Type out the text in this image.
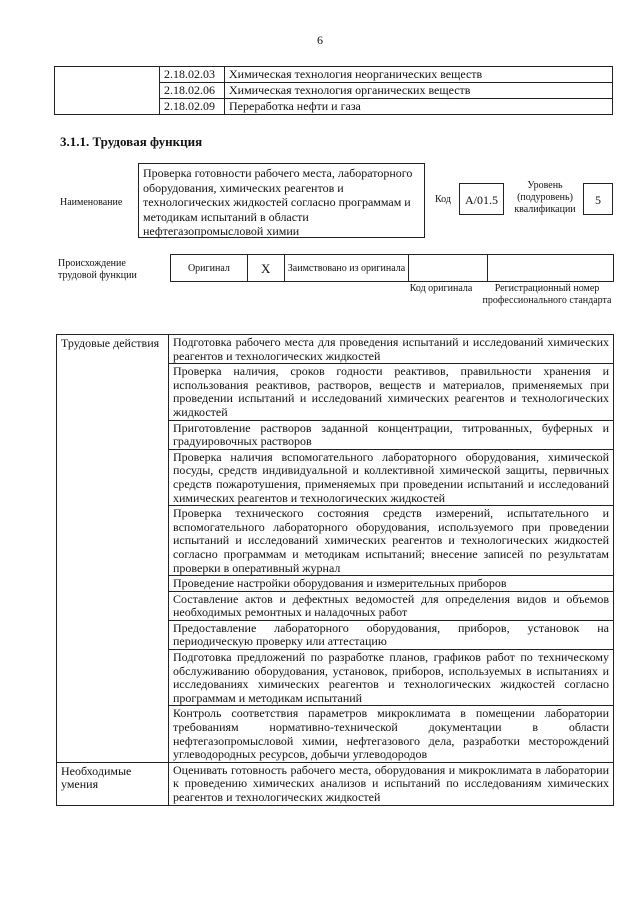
6
	2.18.02.03	Химическая технология неорганических веществ
	2.18.02.06	Химическая технология органических веществ
	2.18.02.09	Переработка нефти и газа
3.1.1. Трудовая функция
Наименование
Проверка готовности рабочего места, лабораторного оборудования, химических реагентов и технологических жидкостей согласно программам и методикам испытаний в области нефтегазопромысловой химии
Код	A/01.5
Уровень (подуровень) квалификации
5
Происхождение трудовой функции
Оригинал	X	Заимствовано из оригинала		
Код оригинала	Регистрационный номер профессионального стандарта
Трудовые действия	Подготовка рабочего места для проведения испытаний и исследований химических реагентов и технологических жидкостей
	Проверка наличия, сроков годности реактивов, правильности хранения и использования реактивов, растворов, веществ и материалов, применяемых при проведении испытаний и исследований химических реагентов и технологических жидкостей
	Приготовление растворов заданной концентрации, титрованных, буферных и градуировочных растворов
	Проверка наличия вспомогательного лабораторного оборудования, химической посуды, средств индивидуальной и коллективной химической защиты, первичных средств пожаротушения, применяемых при проведении испытаний и исследований химических реагентов и технологических жидкостей
	Проверка технического состояния средств измерений, испытательного и вспомогательного лабораторного оборудования, используемого при проведении испытаний и исследований химических реагентов и технологических жидкостей согласно программам и методикам испытаний; внесение записей по результатам проверки в оперативный журнал
	Проведение настройки оборудования и измерительных приборов
	Составление актов и дефектных ведомостей для определения видов и объемов необходимых ремонтных и наладочных работ
	Предоставление лабораторного оборудования, приборов, установок на периодическую проверку или аттестацию
	Подготовка предложений по разработке планов, графиков работ по техническому обслуживанию оборудования, установок, приборов, используемых в испытаниях и исследованиях химических реагентов и технологических жидкостей согласно программам и методикам испытаний
	Контроль соответствия параметров микроклимата в помещении лаборатории требованиям нормативно-технической документации в области нефтегазопромысловой химии, нефтегазового дела, разработки месторождений углеводородных ресурсов, добычи углеводородов
Необходимые умения	Оценивать готовность рабочего места, оборудования и микроклимата в лаборатории к проведению химических анализов и испытаний по исследованиям химических реагентов и технологических жидкостей
